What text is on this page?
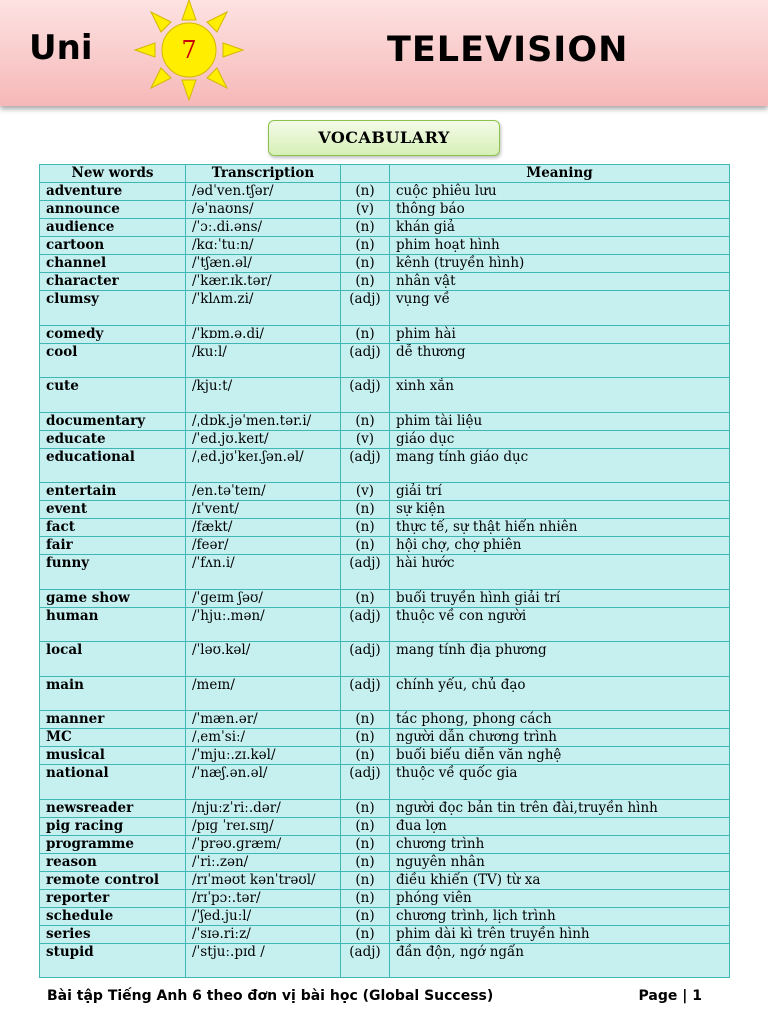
Uni	7	TELEVISION
VOCABULARY
New words	Transcription		Meaning
adventure	/ədˈven.tʃər/	(n)	cuộc phiêu lưu
announce	/əˈnaʊns/	(v)	thông báo
audience	/ˈɔː.di.əns/	(n)	khán giả
cartoon	/kɑːˈtuːn/	(n)	phim hoạt hình
channel	/ˈtʃæn.əl/	(n)	kênh (truyền hình)
character	/ˈkær.ɪk.tər/	(n)	nhân vật
clumsy	/ˈklʌm.zi/	(adj)	vụng về
comedy	/ˈkɒm.ə.di/	(n)	phim hài
cool	/kuːl/	(adj)	dễ thương
cute	/kjuːt/	(adj)	xinh xắn
documentary	/ˌdɒk.jəˈmen.tər.i/	(n)	phim tài liệu
educate	/ˈed.jʊ.keɪt/	(v)	giáo dục
educational	/ˌed.jʊˈkeɪ.ʃən.əl/	(adj)	mang tính giáo dục
entertain	/en.təˈteɪn/	(v)	giải trí
event	/ɪˈvent/	(n)	sự kiện
fact	/fækt/	(n)	thực tế, sự thật hiển nhiên
fair	/feər/	(n)	hội chợ, chợ phiên
funny	/ˈfʌn.i/	(adj)	hài hước
game show	/ˈɡeɪm ʃəʊ/	(n)	buổi truyền hình giải trí
human	/ˈhjuː.mən/	(adj)	thuộc về con người
local	/ˈləʊ.kəl/	(adj)	mang tính địa phương
main	/meɪn/	(adj)	chính yếu, chủ đạo
manner	/ˈmæn.ər/	(n)	tác phong, phong cách
MC	/ˌemˈsiː/	(n)	người dẫn chương trình
musical	/ˈmjuː.zɪ.kəl/	(n)	buổi biểu diễn văn nghệ
national	/ˈnæʃ.ən.əl/	(adj)	thuộc về quốc gia
newsreader	/njuːzˈriː.dər/	(n)	người đọc bản tin trên đài,truyền hình
pig racing	/pɪɡ ˈreɪ.sɪŋ/	(n)	đua lợn
programme	/ˈprəʊ.ɡræm/	(n)	chương trình
reason	/ˈriː.zən/	(n)	nguyên nhân
remote control	/rɪˈməʊt kənˈtrəʊl/	(n)	điều khiển (TV) từ xa
reporter	/rɪˈpɔː.tər/	(n)	phóng viên
schedule	/ˈʃed.juːl/	(n)	chương trình, lịch trình
series	/ˈsɪə.riːz/	(n)	phim dài kì trên truyền hình
stupid	/ˈstjuː.pɪd /	(adj)	đần độn, ngớ ngẩn
Bài tập Tiếng Anh 6 theo đơn vị bài học (Global Success)	Page | 1
